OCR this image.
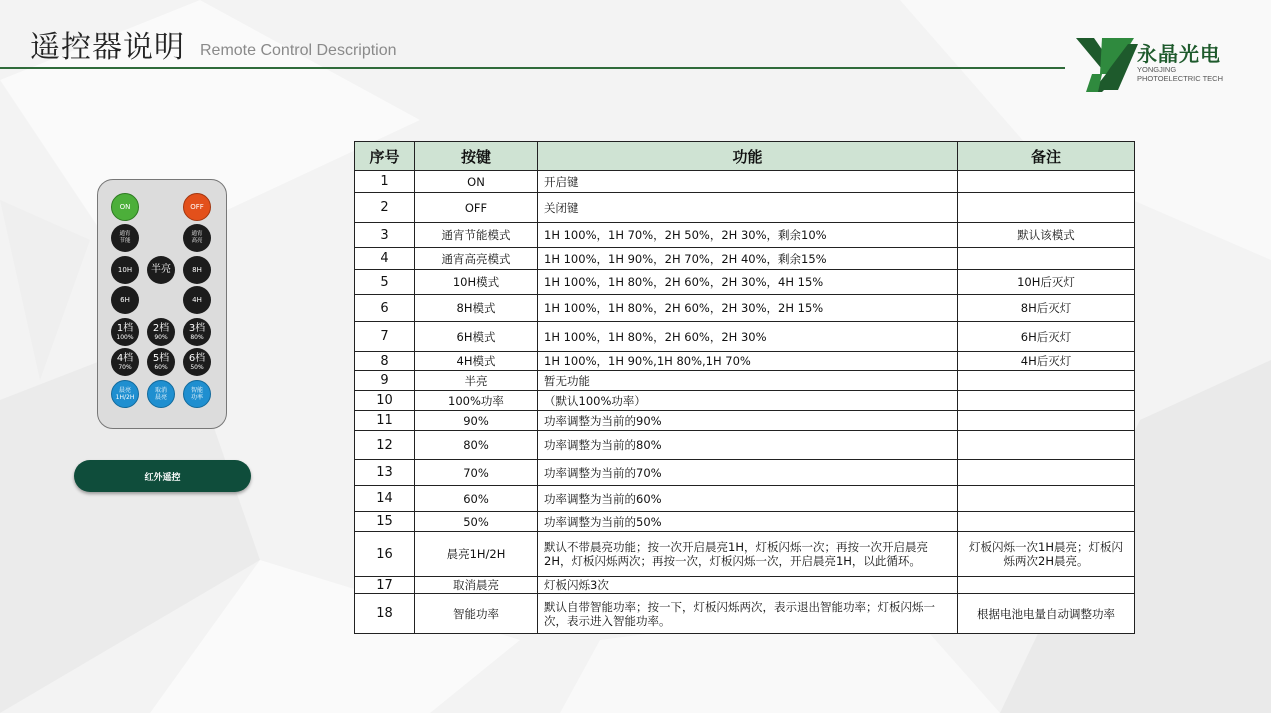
遥控器说明 Remote Control Description	永晶光电
YONGJING
PHOTOELECTRIC TECH
ON	OFF
通宵
节能
通宵
高亮
10H	半亮	8H
6H	4H
1档
100%
2档
90%
3档
80%
4档
70%
5档
60%
6档
50%
晨亮
1H/2H
取消
晨亮
智能
功率
红外遥控
序号	按键	功能	备注
1	ON	开启键	
2	OFF	关闭键	
3	通宵节能模式	1H 100%，1H 70%，2H 50%，2H 30%，剩余10%	默认该模式
4	通宵高亮模式	1H 100%，1H 90%，2H 70%，2H 40%，剩余15%	
5	10H模式	1H 100%，1H 80%，2H 60%，2H 30%，4H 15%	10H后灭灯
6	8H模式	1H 100%，1H 80%，2H 60%，2H 30%，2H 15%	8H后灭灯
7	6H模式	1H 100%，1H 80%，2H 60%，2H 30%	6H后灭灯
8	4H模式	1H 100%，1H 90%,1H 80%,1H 70%	4H后灭灯
9	半亮	暂无功能	
10	100%功率	（默认100%功率）	
11	90%	功率调整为当前的90%	
12	80%	功率调整为当前的80%	
13	70%	功率调整为当前的70%	
14	60%	功率调整为当前的60%	
15	50%	功率调整为当前的50%	
16	晨亮1H/2H	默认不带晨亮功能；按一次开启晨亮1H，灯板闪烁一次；再按一次开启晨亮2H，灯板闪烁两次；再按一次，灯板闪烁一次，开启晨亮1H，以此循环。	灯板闪烁一次1H晨亮；灯板闪烁两次2H晨亮。
17	取消晨亮	灯板闪烁3次	
18	智能功率	默认自带智能功率；按一下，灯板闪烁两次，表示退出智能功率；灯板闪烁一次，表示进入智能功率。	根据电池电量自动调整功率
